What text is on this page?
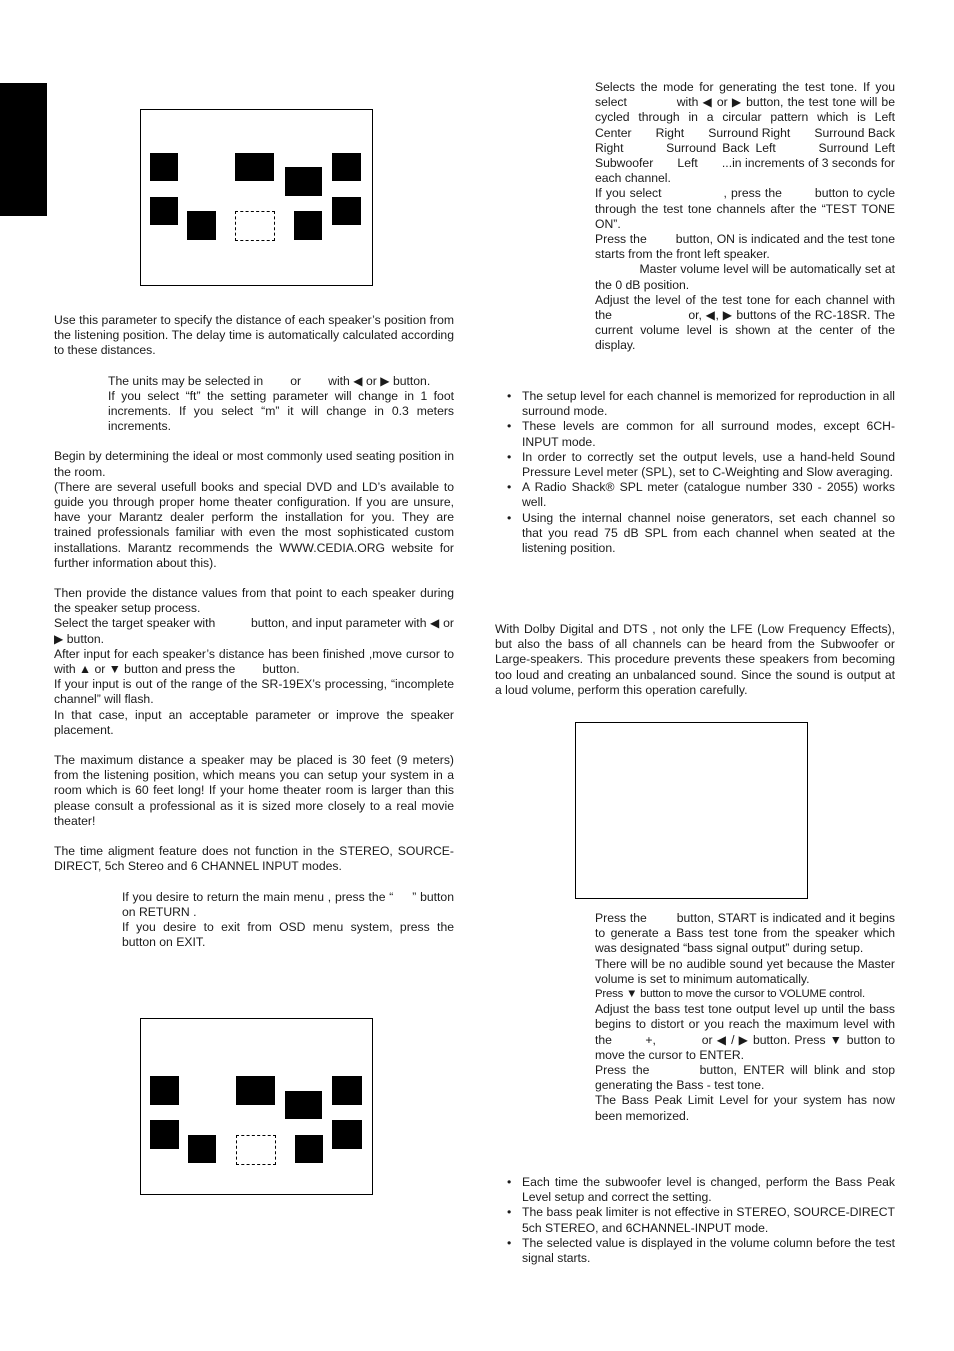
Use this parameter to specify the distance of each speaker’s position from the listening position. The delay time is automatically calculated according to these distances.

The units may be selected in        or        with ◀ or ▶ button.

If you select “ft” the setting parameter will change in 1 foot increments. If you select “m” it will change in 0.3 meters increments.

Begin by determining the ideal or most commonly used seating position in the room.

(There are several usefull books and special DVD and LD’s available to guide you through proper home theater configuration. If you are unsure, have your Marantz dealer perform the installation for you. They are trained professionals familiar with even the most sophisticated custom installations. Marantz recommends the WWW.CEDIA.ORG website for further information about this).

Then provide the distance values from that point to each speaker during the speaker setup process.

Select the target speaker with          button, and input parameter with ◀ or ▶ button.

After input for each speaker’s distance has been finished ,move cursor to            with ▲ or ▼ button and press the        button.

If your input is out of the range of the SR-19EX’s processing, “incomplete channel” will flash.

In that case, input an acceptable parameter or improve the speaker placement.

The maximum distance a speaker may be placed is 30 feet (9 meters) from the listening position, which means you can setup your system in a room which is 60 feet long! If your home theater room is larger than this please consult a professional as it is sized more closely to a real movie theater!

The time aligment feature does not function in the STEREO, SOURCE-DIRECT, 5ch Stereo and 6 CHANNEL INPUT modes.

If you desire to return the main menu , press the “     ” button on RETURN .

If you desire to exit from OSD menu system, press the            button on EXIT.

Selects the mode for generating the test tone. If you select            with ◀ or ▶ button, the test tone will be cycled through in a circular pattern which is Left       Center       Right       Surround Right       Surround Back Right       Surround Back Left       Surround Left       Subwoofer       Left       ...in increments of 3 seconds for each channel.

If you select               , press the        button to cycle through the test tone channels after the “TEST TONE ON”.

Press the        button, ON is indicated and the test tone starts from the front left speaker.

Master volume level will be automatically set at the 0 dB position.

Adjust the level of the test tone for each channel with the                    or, ◀, ▶ buttons of the RC-18SR. The current volume level is shown at the center of the display.

• The setup level for each channel is memorized for reproduction in all surround mode.
• These levels are common for all surround modes, except 6CH-INPUT mode.
• In order to correctly set the output levels, use a hand-held Sound Pressure Level meter (SPL), set to C-Weighting and Slow averaging.
• A Radio Shack® SPL meter (catalogue number 330 - 2055) works well.
• Using the internal channel noise generators, set each channel so that you read 75 dB SPL from each channel when seated at the listening position.

With Dolby Digital and DTS , not only the LFE (Low Frequency Effects), but also the bass of all channels can be heard from the Subwoofer or Large-speakers. This procedure prevents these speakers from becoming too loud and creating an unbalanced sound. Since the sound is output at a loud volume, perform this operation carefully.

Press the        button, START is indicated and it begins to generate a Bass test tone from the speaker which was designated “bass signal output” during setup.

There will be no audible sound yet because the Master volume is set to minimum automatically.

Press ▼ button to move the cursor to VOLUME control.

Adjust the bass test tone output level up until the bass begins to distort or you reach the maximum level with the        +,           or ◀ / ▶ button. Press ▼ button to move the cursor to ENTER.

Press the        button, ENTER will blink and stop generating the Bass - test tone.

The Bass Peak Limit Level for your system has now been memorized.

• Each time the subwoofer level is changed, perform the Bass Peak Level setup and correct the setting.
• The bass peak limiter is not effective in STEREO, SOURCE-DIRECT 5ch STEREO, and 6CHANNEL-INPUT mode.
• The selected value is displayed in the volume column before the test signal starts.
